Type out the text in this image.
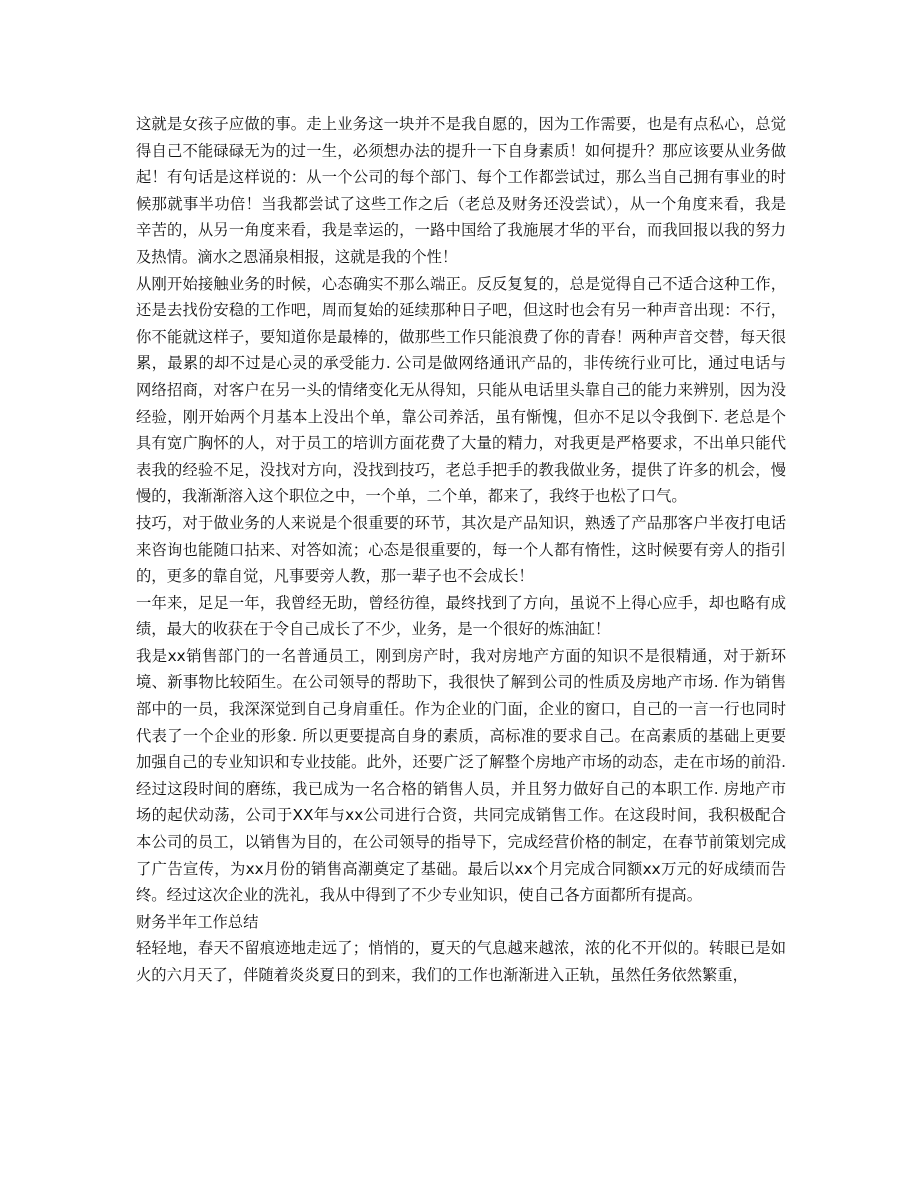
这就是女孩子应做的事。走上业务这一块并不是我自愿的，因为工作需要，也是有点私心，总觉得自己不能碌碌无为的过一生，必须想办法的提升一下自身素质！如何提升？那应该要从业务做起！有句话是这样说的：从一个公司的每个部门、每个工作都尝试过，那么当自己拥有事业的时候那就事半功倍！当我都尝试了这些工作之后（老总及财务还没尝试），从一个角度来看，我是辛苦的，从另一角度来看，我是幸运的，一路中国给了我施展才华的平台，而我回报以我的努力及热情。滴水之恩涌泉相报，这就是我的个性！

从刚开始接触业务的时候，心态确实不那么端正。反反复复的，总是觉得自己不适合这种工作，还是去找份安稳的工作吧，周而复始的延续那种日子吧，但这时也会有另一种声音出现：不行，你不能就这样子，要知道你是最棒的，做那些工作只能浪费了你的青春！两种声音交替，每天很累，最累的却不过是心灵的承受能力. 公司是做网络通讯产品的，非传统行业可比，通过电话与网络招商，对客户在另一头的情绪变化无从得知，只能从电话里头靠自己的能力来辨别，因为没经验，刚开始两个月基本上没出个单，靠公司养活，虽有惭愧，但亦不足以令我倒下. 老总是个具有宽广胸怀的人，对于员工的培训方面花费了大量的精力，对我更是严格要求，不出单只能代表我的经验不足，没找对方向，没找到技巧，老总手把手的教我做业务，提供了许多的机会，慢慢的，我渐渐溶入这个职位之中，一个单，二个单，都来了，我终于也松了口气。

技巧，对于做业务的人来说是个很重要的环节，其次是产品知识，熟透了产品那客户半夜打电话来咨询也能随口拈来、对答如流；心态是很重要的，每一个人都有惰性，这时候要有旁人的指引的，更多的靠自觉，凡事要旁人教，那一辈子也不会成长！

一年来，足足一年，我曾经无助，曾经彷徨，最终找到了方向，虽说不上得心应手，却也略有成绩，最大的收获在于令自己成长了不少，业务，是一个很好的炼油缸！

我是xx销售部门的一名普通员工，刚到房产时，我对房地产方面的知识不是很精通，对于新环境、新事物比较陌生。在公司领导的帮助下，我很快了解到公司的性质及房地产市场. 作为销售部中的一员，我深深觉到自己身肩重任。作为企业的门面，企业的窗口，自己的一言一行也同时代表了一个企业的形象. 所以更要提高自身的素质，高标准的要求自己。在高素质的基础上更要加强自己的专业知识和专业技能。此外，还要广泛了解整个房地产市场的动态，走在市场的前沿. 经过这段时间的磨练，我已成为一名合格的销售人员，并且努力做好自己的本职工作. 房地产市场的起伏动荡，公司于XX年与xx公司进行合资，共同完成销售工作。在这段时间，我积极配合本公司的员工，以销售为目的，在公司领导的指导下，完成经营价格的制定，在春节前策划完成了广告宣传，为xx月份的销售高潮奠定了基础。最后以xx个月完成合同额xx万元的好成绩而告终。经过这次企业的洗礼，我从中得到了不少专业知识，使自己各方面都所有提高。

财务半年工作总结

轻轻地，春天不留痕迹地走远了；悄悄的，夏天的气息越来越浓，浓的化不开似的。转眼已是如火的六月天了，伴随着炎炎夏日的到来，我们的工作也渐渐进入正轨，虽然任务依然繁重，
